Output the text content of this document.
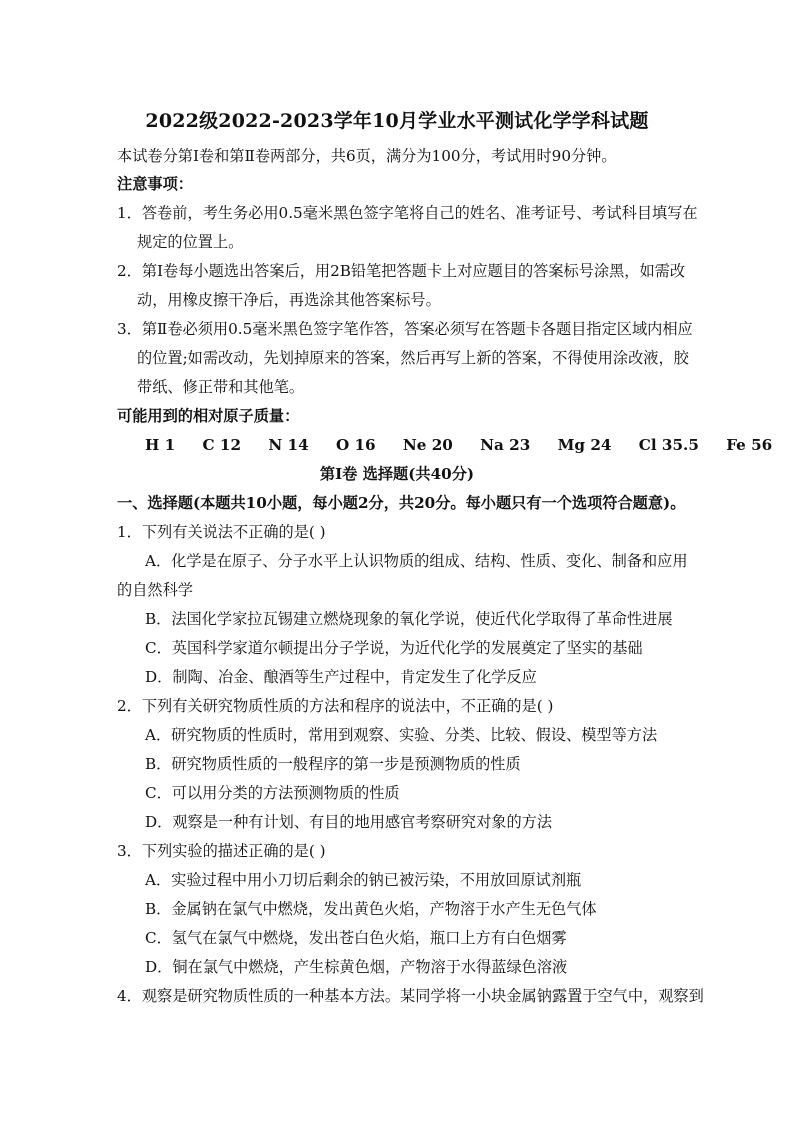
2022级2022-2023学年10月学业水平测试化学学科试题
本试卷分第Ⅰ卷和第Ⅱ卷两部分，共6页，满分为100分，考试用时90分钟。
注意事项：
1．答卷前，考生务必用0.5毫米黑色签字笔将自己的姓名、准考证号、考试科目填写在
规定的位置上。
2．第Ⅰ卷每小题选出答案后，用2B铅笔把答题卡上对应题目的答案标号涂黑，如需改
动，用橡皮擦干净后，再选涂其他答案标号。
3．第Ⅱ卷必须用0.5毫米黑色签字笔作答，答案必须写在答题卡各题目指定区域内相应
的位置;如需改动，先划掉原来的答案，然后再写上新的答案，不得使用涂改液，胶
带纸、修正带和其他笔。
可能用到的相对原子质量：
H 1 C 12 N 14 O 16 Ne 20 Na 23 Mg 24 Cl 35.5 Fe 56
第Ⅰ卷 选择题(共40分)
一、选择题(本题共10小题，每小题2分，共20分。每小题只有一个选项符合题意)。
1．下列有关说法不正确的是( )
A．化学是在原子、分子水平上认识物质的组成、结构、性质、变化、制备和应用
的自然科学
B．法国化学家拉瓦锡建立燃烧现象的氧化学说，使近代化学取得了革命性进展
C．英国科学家道尔顿提出分子学说，为近代化学的发展奠定了坚实的基础
D．制陶、冶金、酿酒等生产过程中，肯定发生了化学反应
2．下列有关研究物质性质的方法和程序的说法中，不正确的是( )
A．研究物质的性质时，常用到观察、实验、分类、比较、假设、模型等方法
B．研究物质性质的一般程序的第一步是预测物质的性质
C．可以用分类的方法预测物质的性质
D．观察是一种有计划、有目的地用感官考察研究对象的方法
3．下列实验的描述正确的是( )
A．实验过程中用小刀切后剩余的钠已被污染，不用放回原试剂瓶
B．金属钠在氯气中燃烧，发出黄色火焰，产物溶于水产生无色气体
C．氢气在氯气中燃烧，发出苍白色火焰，瓶口上方有白色烟雾
D．铜在氯气中燃烧，产生棕黄色烟，产物溶于水得蓝绿色溶液
4．观察是研究物质性质的一种基本方法。某同学将一小块金属钠露置于空气中，观察到
